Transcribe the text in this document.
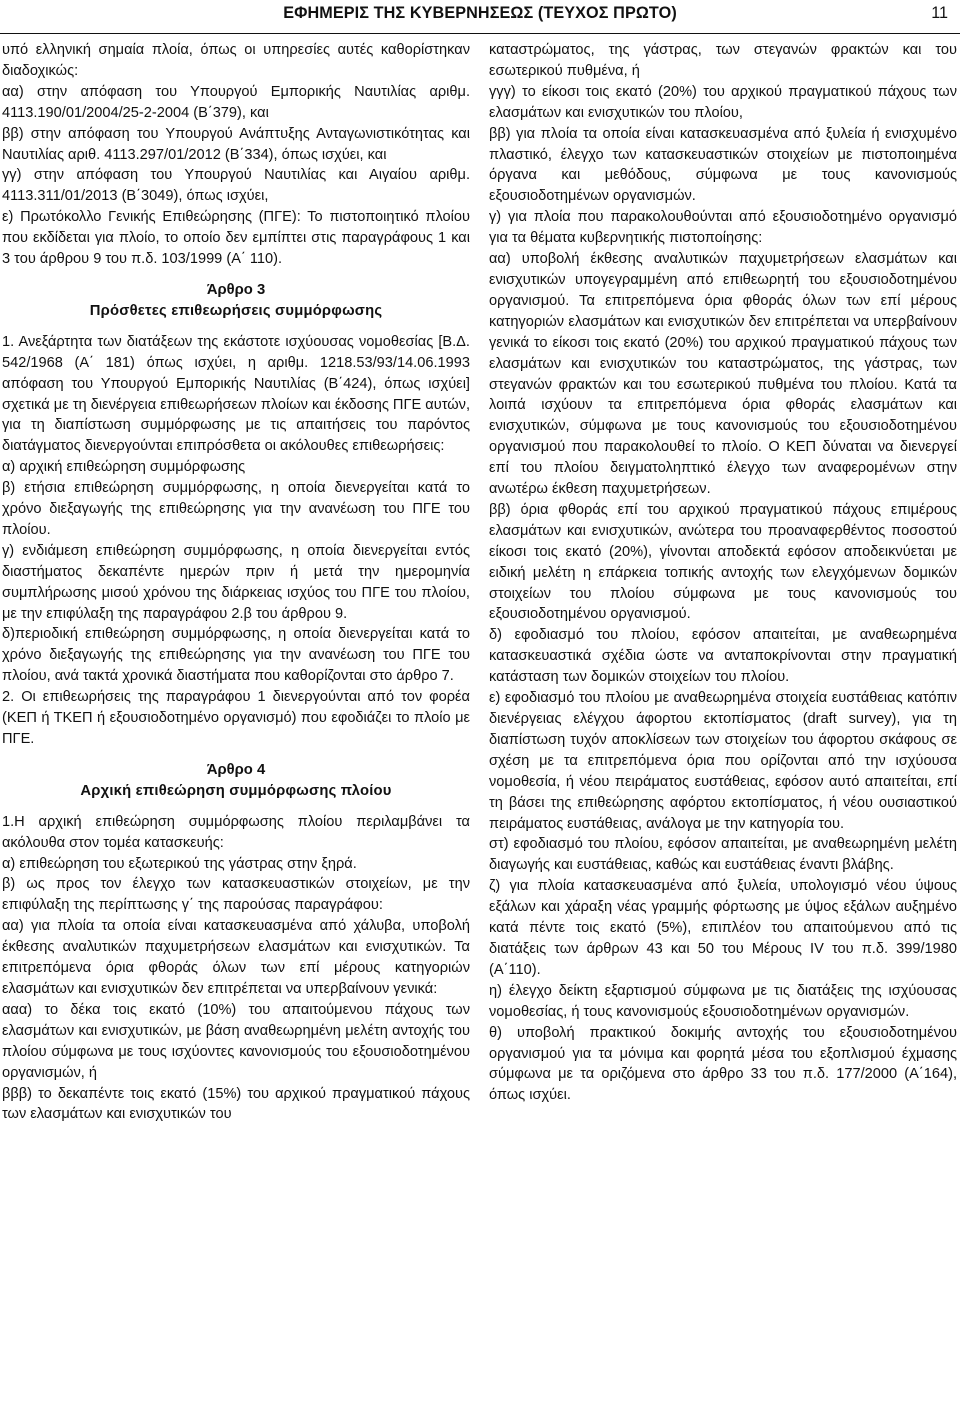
ΕΦΗΜΕΡΙΣ ΤΗΣ ΚΥΒΕΡΝΗΣΕΩΣ (ΤΕΥΧΟΣ ΠΡΩΤΟ)	11

υπό ελληνική σημαία πλοία, όπως οι υπηρεσίες αυτές καθορίστηκαν διαδοχικώς:

αα) στην απόφαση του Υπουργού Εμπορικής Ναυτιλίας αριθμ. 4113.190/01/2004/25-2-2004 (Β΄379), και

ββ) στην απόφαση του Υπουργού Ανάπτυξης Ανταγωνιστικότητας και Ναυτιλίας αριθ. 4113.297/01/2012 (Β΄334), όπως ισχύει, και

γγ) στην απόφαση του Υπουργού Ναυτιλίας και Αιγαίου αριθμ. 4113.311/01/2013 (Β΄3049), όπως ισχύει,

ε) Πρωτόκολλο Γενικής Επιθεώρησης (ΠΓΕ): Το πιστοποιητικό πλοίου που εκδίδεται για πλοίο, το οποίο δεν εμπίπτει στις παραγράφους 1 και 3 του άρθρου 9 του π.δ. 103/1999 (Α΄ 110).

Άρθρο 3
Πρόσθετες επιθεωρήσεις συμμόρφωσης

1. Ανεξάρτητα των διατάξεων της εκάστοτε ισχύουσας νομοθεσίας [Β.Δ. 542/1968 (Α΄ 181) όπως ισχύει, η αριθμ. 1218.53/93/14.06.1993 απόφαση του Υπουργού Εμπορικής Ναυτιλίας (Β΄424), όπως ισχύει] σχετικά με τη διενέργεια επιθεωρήσεων πλοίων και έκδοσης ΠΓΕ αυτών, για τη διαπίστωση συμμόρφωσης με τις απαιτήσεις του παρόντος διατάγματος διενεργούνται επιπρόσθετα οι ακόλουθες επιθεωρήσεις:

α) αρχική επιθεώρηση συμμόρφωσης

β) ετήσια επιθεώρηση συμμόρφωσης, η οποία διενεργείται κατά το χρόνο διεξαγωγής της επιθεώρησης για την ανανέωση του ΠΓΕ του πλοίου.

γ) ενδιάμεση επιθεώρηση συμμόρφωσης, η οποία διενεργείται εντός διαστήματος δεκαπέντε ημερών πριν ή μετά την ημερομηνία συμπλήρωσης μισού χρόνου της διάρκειας ισχύος του ΠΓΕ του πλοίου, με την επιφύλαξη της παραγράφου 2.β του άρθρου 9.

δ)περιοδική επιθεώρηση συμμόρφωσης, η οποία διενεργείται κατά το χρόνο διεξαγωγής της επιθεώρησης για την ανανέωση του ΠΓΕ του πλοίου, ανά τακτά χρονικά διαστήματα που καθορίζονται στο άρθρο 7.

2. Οι επιθεωρήσεις της παραγράφου 1 διενεργούνται από τον φορέα (ΚΕΠ ή ΤΚΕΠ ή εξουσιοδοτημένο οργανισμό) που εφοδιάζει το πλοίο με ΠΓΕ.

Άρθρο 4
Αρχική επιθεώρηση συμμόρφωσης πλοίου

1.Η αρχική επιθεώρηση συμμόρφωσης πλοίου περιλαμβάνει τα ακόλουθα στον τομέα κατασκευής:

α) επιθεώρηση του εξωτερικού της γάστρας στην ξηρά.

β) ως προς τον έλεγχο των κατασκευαστικών στοιχείων, με την επιφύλαξη της περίπτωσης γ΄ της παρούσας παραγράφου:

αα) για πλοία τα οποία είναι κατασκευασμένα από χάλυβα, υποβολή έκθεσης αναλυτικών παχυμετρήσεων ελασμάτων και ενισχυτικών. Τα επιτρεπόμενα όρια φθοράς όλων των επί μέρους κατηγοριών ελασμάτων και ενισχυτικών δεν επιτρέπεται να υπερβαίνουν γενικά:

ααα) το δέκα τοις εκατό (10%) του απαιτούμενου πάχους των ελασμάτων και ενισχυτικών, με βάση αναθεωρημένη μελέτη αντοχής του πλοίου σύμφωνα με τους ισχύοντες κανονισμούς του εξουσιοδοτημένου οργανισμών, ή

βββ) το δεκαπέντε τοις εκατό (15%) του αρχικού πραγματικού πάχους των ελασμάτων και ενισχυτικών του

καταστρώματος, της γάστρας, των στεγανών φρακτών και του εσωτερικού πυθμένα, ή

γγγ) το είκοσι τοις εκατό (20%) του αρχικού πραγματικού πάχους των ελασμάτων και ενισχυτικών του πλοίου,

ββ) για πλοία τα οποία είναι κατασκευασμένα από ξυλεία ή ενισχυμένο πλαστικό, έλεγχο των κατασκευαστικών στοιχείων με πιστοποιημένα όργανα και μεθόδους, σύμφωνα με τους κανονισμούς εξουσιοδοτημένων οργανισμών.

γ) για πλοία που παρακολουθούνται από εξουσιοδοτημένο οργανισμό για τα θέματα κυβερνητικής πιστοποίησης:

αα) υποβολή έκθεσης αναλυτικών παχυμετρήσεων ελασμάτων και ενισχυτικών υπογεγραμμένη από επιθεωρητή του εξουσιοδοτημένου οργανισμού. Τα επιτρεπόμενα όρια φθοράς όλων των επί μέρους κατηγοριών ελασμάτων και ενισχυτικών δεν επιτρέπεται να υπερβαίνουν γενικά το είκοσι τοις εκατό (20%) του αρχικού πραγματικού πάχους των ελασμάτων και ενισχυτικών του καταστρώματος, της γάστρας, των στεγανών φρακτών και του εσωτερικού πυθμένα του πλοίου. Κατά τα λοιπά ισχύουν τα επιτρεπόμενα όρια φθοράς ελασμάτων και ενισχυτικών, σύμφωνα με τους κανονισμούς του εξουσιοδοτημένου οργανισμού που παρακολουθεί το πλοίο. Ο ΚΕΠ δύναται να διενεργεί επί του πλοίου δειγματοληπτικό έλεγχο των αναφερομένων στην ανωτέρω έκθεση παχυμετρήσεων.

ββ) όρια φθοράς επί του αρχικού πραγματικού πάχους επιμέρους ελασμάτων και ενισχυτικών, ανώτερα του προαναφερθέντος ποσοστού είκοσι τοις εκατό (20%), γίνονται αποδεκτά εφόσον αποδεικνύεται με ειδική μελέτη η επάρκεια τοπικής αντοχής των ελεγχόμενων δομικών στοιχείων του πλοίου σύμφωνα με τους κανονισμούς του εξουσιοδοτημένου οργανισμού.

δ) εφοδιασμό του πλοίου, εφόσον απαιτείται, με αναθεωρημένα κατασκευαστικά σχέδια ώστε να ανταποκρίνονται στην πραγματική κατάσταση των δομικών στοιχείων του πλοίου.

ε) εφοδιασμό του πλοίου με αναθεωρημένα στοιχεία ευστάθειας κατόπιν διενέργειας ελέγχου άφορτου εκτοπίσματος (draft survey), για τη διαπίστωση τυχόν αποκλίσεων των στοιχείων του άφορτου σκάφους σε σχέση με τα επιτρεπόμενα όρια που ορίζονται από την ισχύουσα νομοθεσία, ή νέου πειράματος ευστάθειας, εφόσον αυτό απαιτείται, επί τη βάσει της επιθεώρησης αφόρτου εκτοπίσματος, ή νέου ουσιαστικού πειράματος ευστάθειας, ανάλογα με την κατηγορία του.

στ) εφοδιασμό του πλοίου, εφόσον απαιτείται, με αναθεωρημένη μελέτη διαγωγής και ευστάθειας, καθώς και ευστάθειας έναντι βλάβης.

ζ) για πλοία κατασκευασμένα από ξυλεία, υπολογισμό νέου ύψους εξάλων και χάραξη νέας γραμμής φόρτωσης με ύψος εξάλων αυξημένο κατά πέντε τοις εκατό (5%), επιπλέον του απαιτούμενου από τις διατάξεις των άρθρων 43 και 50 του Μέρους IV του π.δ. 399/1980 (Α΄110).

η) έλεγχο δείκτη εξαρτισμού σύμφωνα με τις διατάξεις της ισχύουσας νομοθεσίας, ή τους κανονισμούς εξουσιοδοτημένων οργανισμών.

θ) υποβολή πρακτικού δοκιμής αντοχής του εξουσιοδοτημένου οργανισμού για τα μόνιμα και φορητά μέσα του εξοπλισμού έχμασης σύμφωνα με τα οριζόμενα στο άρθρο 33 του π.δ. 177/2000 (Α΄164), όπως ισχύει.
